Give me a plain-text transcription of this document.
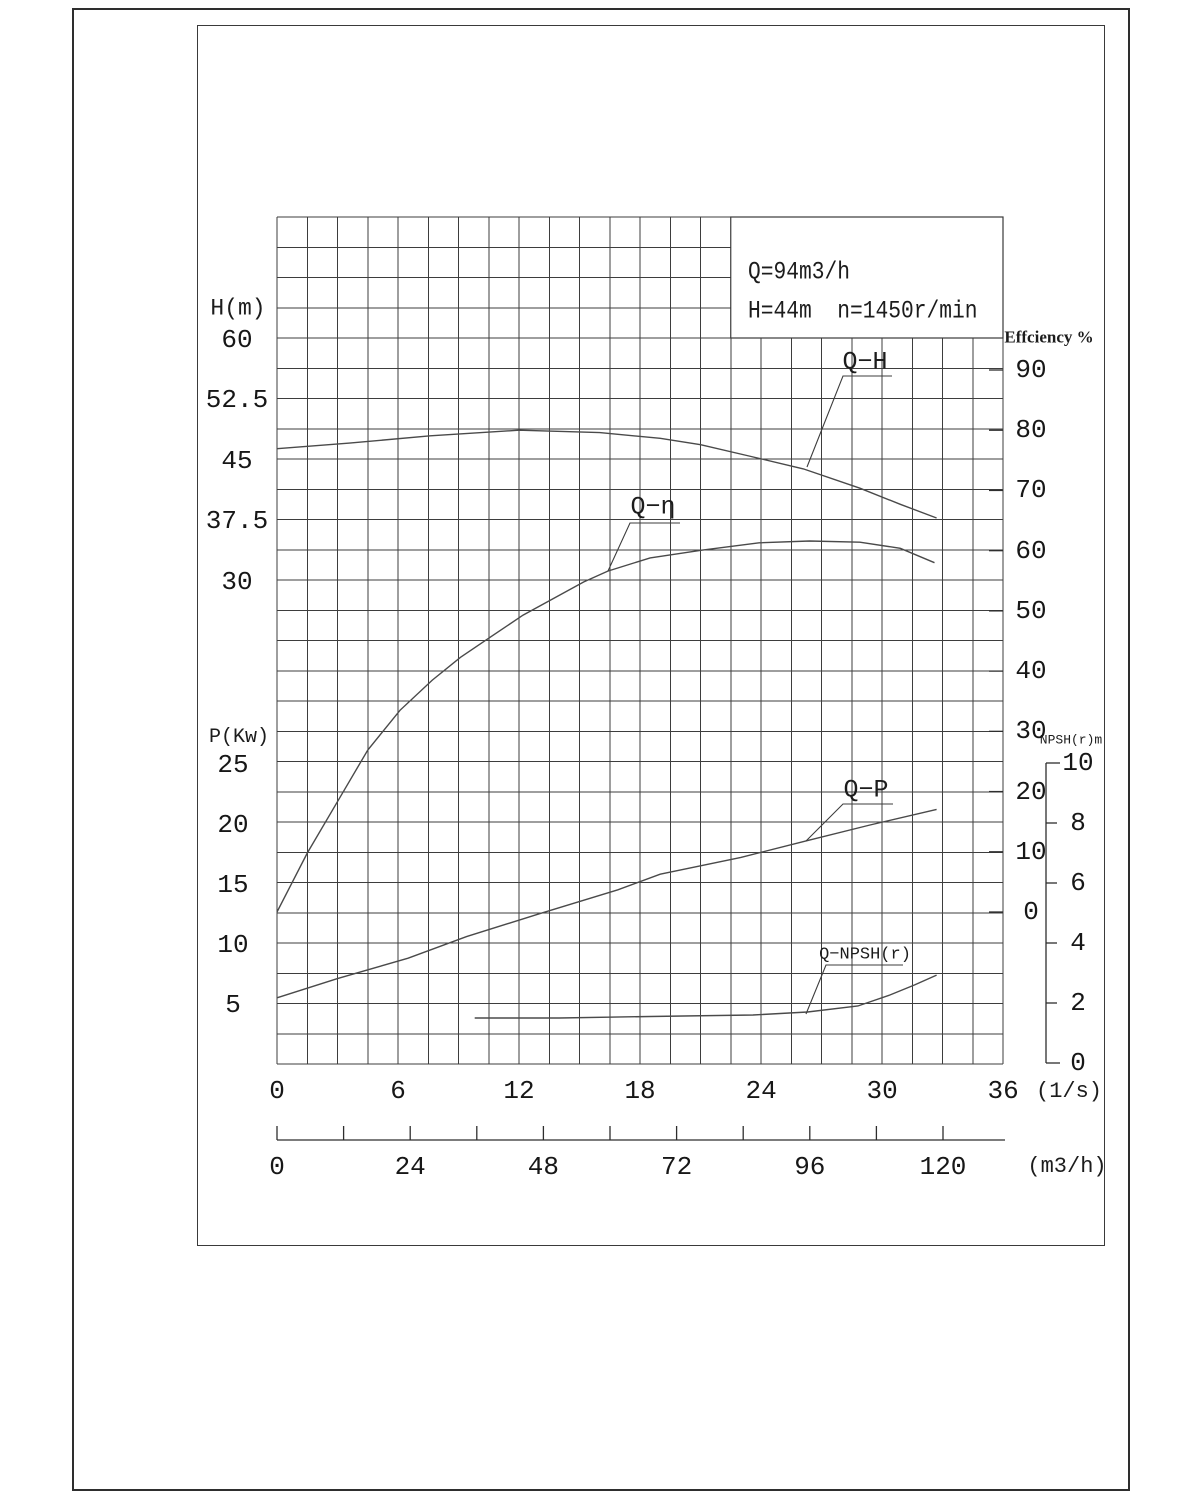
H(m)
P(Kw)
Effciency %
NPSH(r)m
(1/s)
(m3/h)
Q=94m3/h
H=44m  n=1450r/min
Q−H
Q−η
Q−P
Q−NPSH(r)
60
52.5
45
37.5
30
25
20
15
10
5
90
80
70
60
50
40
30
20
10
0
10
8
6
4
2
0
0	6	12	18	24	30	36
0	24	48	72	96	120
